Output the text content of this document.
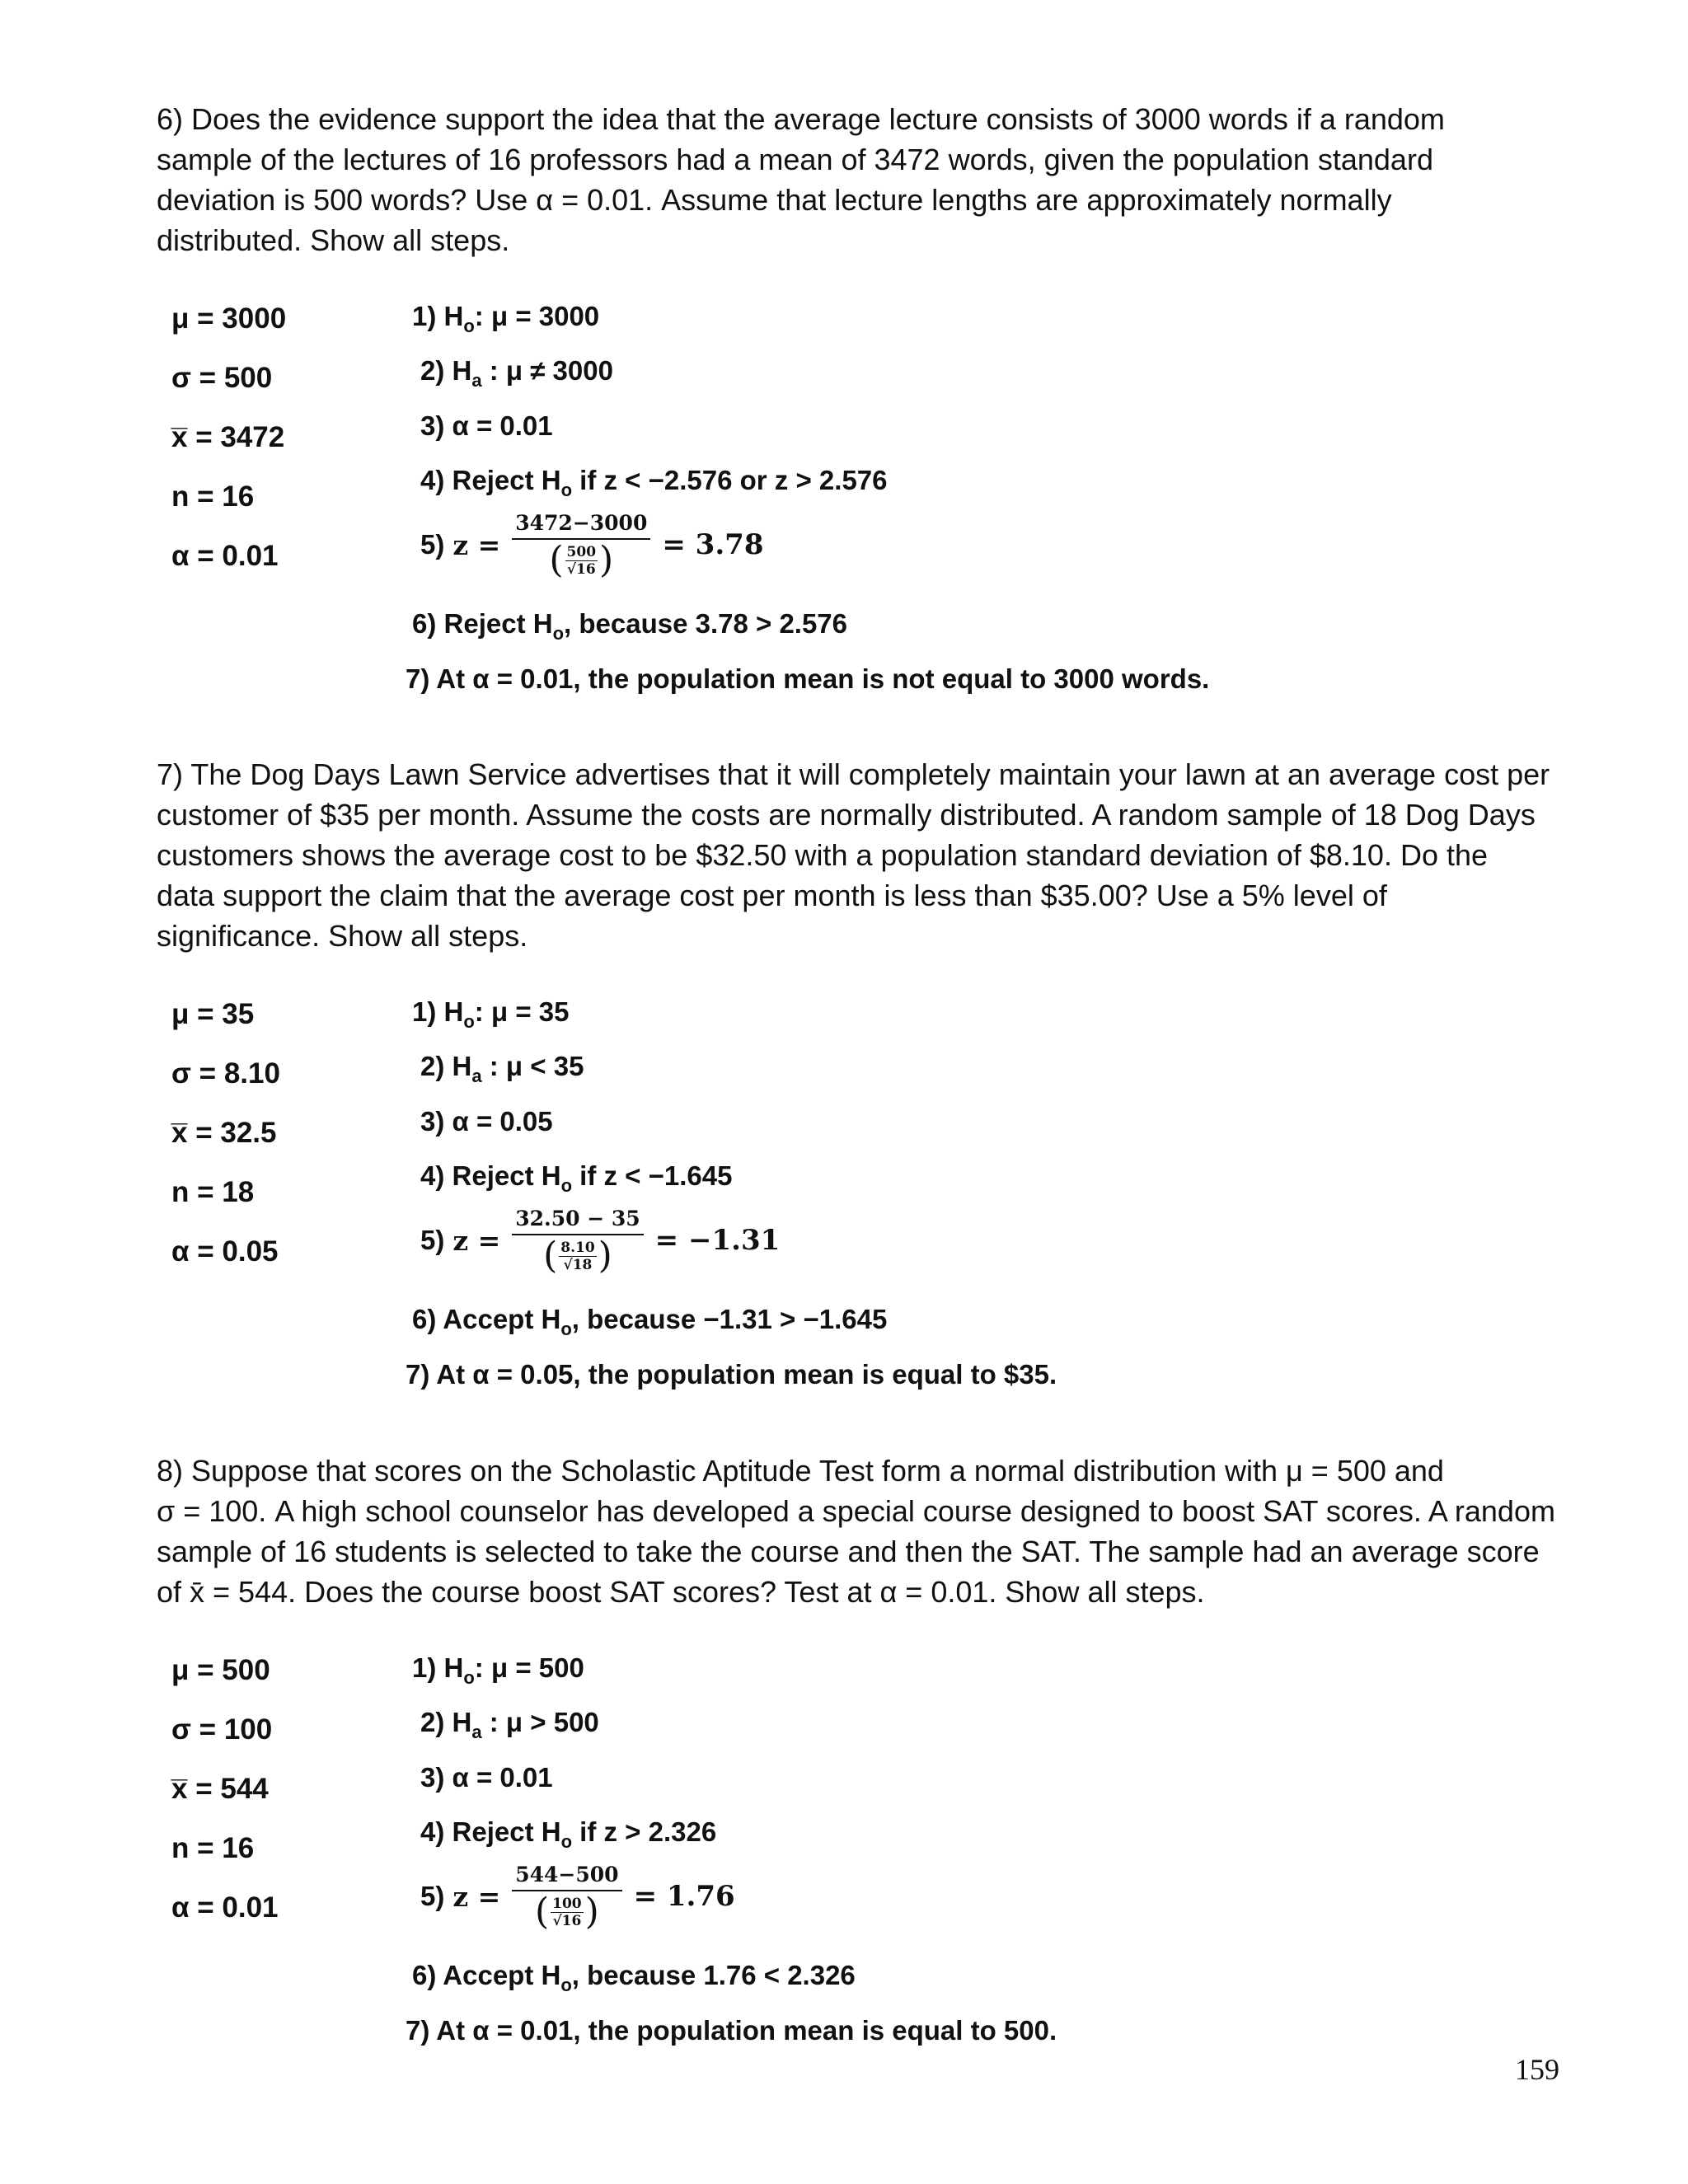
6) Does the evidence support the idea that the average lecture consists of 3000 words if a random
sample of the lectures of 16 professors had a mean of 3472 words, given the population standard
deviation is 500 words? Use α = 0.01. Assume that lecture lengths are approximately normally
distributed. Show all steps.
μ = 3000
σ = 500
x̅ = 3472
n = 16
α = 0.01
1) $H_o$: μ = 3000
2) $H_a$ : μ ≠ 3000
3) α = 0.01
4) Reject $H_o$ if z < −2.576 or z > 2.576
5) z =
3472−3000
( 500
√16 ) = 3.78
6) Reject $H_o$, because 3.78 > 2.576
7) At α = 0.01, the population mean is not equal to 3000 words.
7) The Dog Days Lawn Service advertises that it will completely maintain your lawn at an average cost per
customer of $35 per month. Assume the costs are normally distributed. A random sample of 18 Dog Days
customers shows the average cost to be $32.50 with a population standard deviation of $8.10. Do the
data support the claim that the average cost per month is less than $35.00? Use a 5% level of
significance. Show all steps.
μ = 35
σ = 8.10
x̅ = 32.5
n = 18
α = 0.05
1) $H_o$: μ = 35
2) $H_a$ : μ < 35
3) α = 0.05
4) Reject $H_o$ if z < −1.645
5) z =
32.50 − 35
( 8.10
√18 ) = −1.31
6) Accept $H_o$, because −1.31 > −1.645
7) At α = 0.05, the population mean is equal to $35.
8) Suppose that scores on the Scholastic Aptitude Test form a normal distribution with μ = 500 and
σ = 100. A high school counselor has developed a special course designed to boost SAT scores. A random
sample of 16 students is selected to take the course and then the SAT. The sample had an average score
of x̄ = 544. Does the course boost SAT scores? Test at α = 0.01. Show all steps.
μ = 500
σ = 100
x̅ = 544
n = 16
α = 0.01
1) $H_o$: μ = 500
2) $H_a$ : μ > 500
3) α = 0.01
4) Reject $H_o$ if z > 2.326
5) z =
544−500
( 100
√16 ) = 1.76
6) Accept $H_o$, because 1.76 < 2.326
7) At α = 0.01, the population mean is equal to 500.
159
